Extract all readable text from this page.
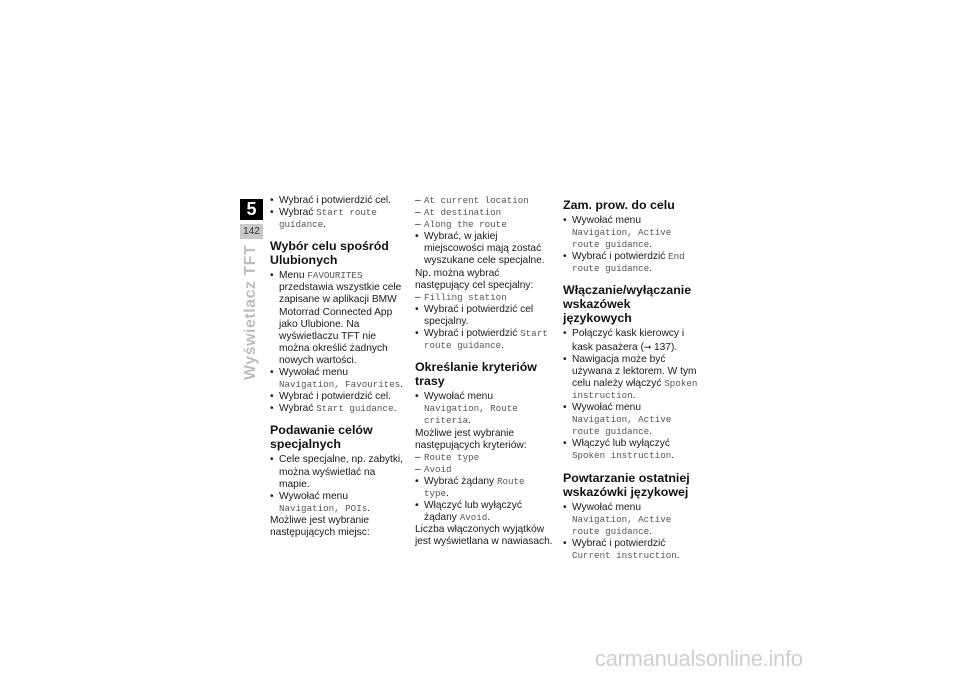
5
142
Wyświetlacz TFT
• Wybrać i potwierdzić cel.
• Wybrać Start route guidance.
Wybór celu spośród Ulubionych
• Menu FAVOURITES przedstawia wszystkie cele zapisane w aplikacji BMW Motorrad Connected App jako Ulubione. Na wyświetlaczu TFT nie można określić żadnych nowych wartości.
• Wywołać menu Navigation, Favourites.
• Wybrać i potwierdzić cel.
• Wybrać Start guidance.
Podawanie celów specjalnych
• Cele specjalne, np. zabytki, można wyświetlać na mapie.
• Wywołać menu Navigation, POIs.

Możliwe jest wybranie następujących miejsc:

– At current location
– At destination
– Along the route
• Wybrać, w jakiej miejscowości mają zostać wyszukane cele specjalne.

Np. można wybrać następujący cel specjalny:

– Filling station
• Wybrać i potwierdzić cel specjalny.
• Wybrać i potwierdzić Start route guidance.
Określanie kryteriów trasy
• Wywołać menu Navigation, Route criteria.

Możliwe jest wybranie następujących kryteriów:

– Route type
– Avoid
• Wybrać żądany Route type.
• Włączyć lub wyłączyć żądany Avoid.

Liczba włączonych wyjątków jest wyświetlana w nawiasach.

Zam. prow. do celu
• Wywołać menu Navigation, Active route guidance.
• Wybrać i potwierdzić End route guidance.
Włączanie/wyłączanie wskazówek językowych
• Połączyć kask kierowcy i kask pasażera (➞ 137).
• Nawigacja może być używana z lektorem. W tym celu należy włączyć Spoken instruction.
• Wywołać menu Navigation, Active route guidance.
• Włączyć lub wyłączyć Spoken instruction.
Powtarzanie ostatniej wskazówki językowej
• Wywołać menu Navigation, Active route guidance.
• Wybrać i potwierdzić Current instruction.
carmanualsonline.info
